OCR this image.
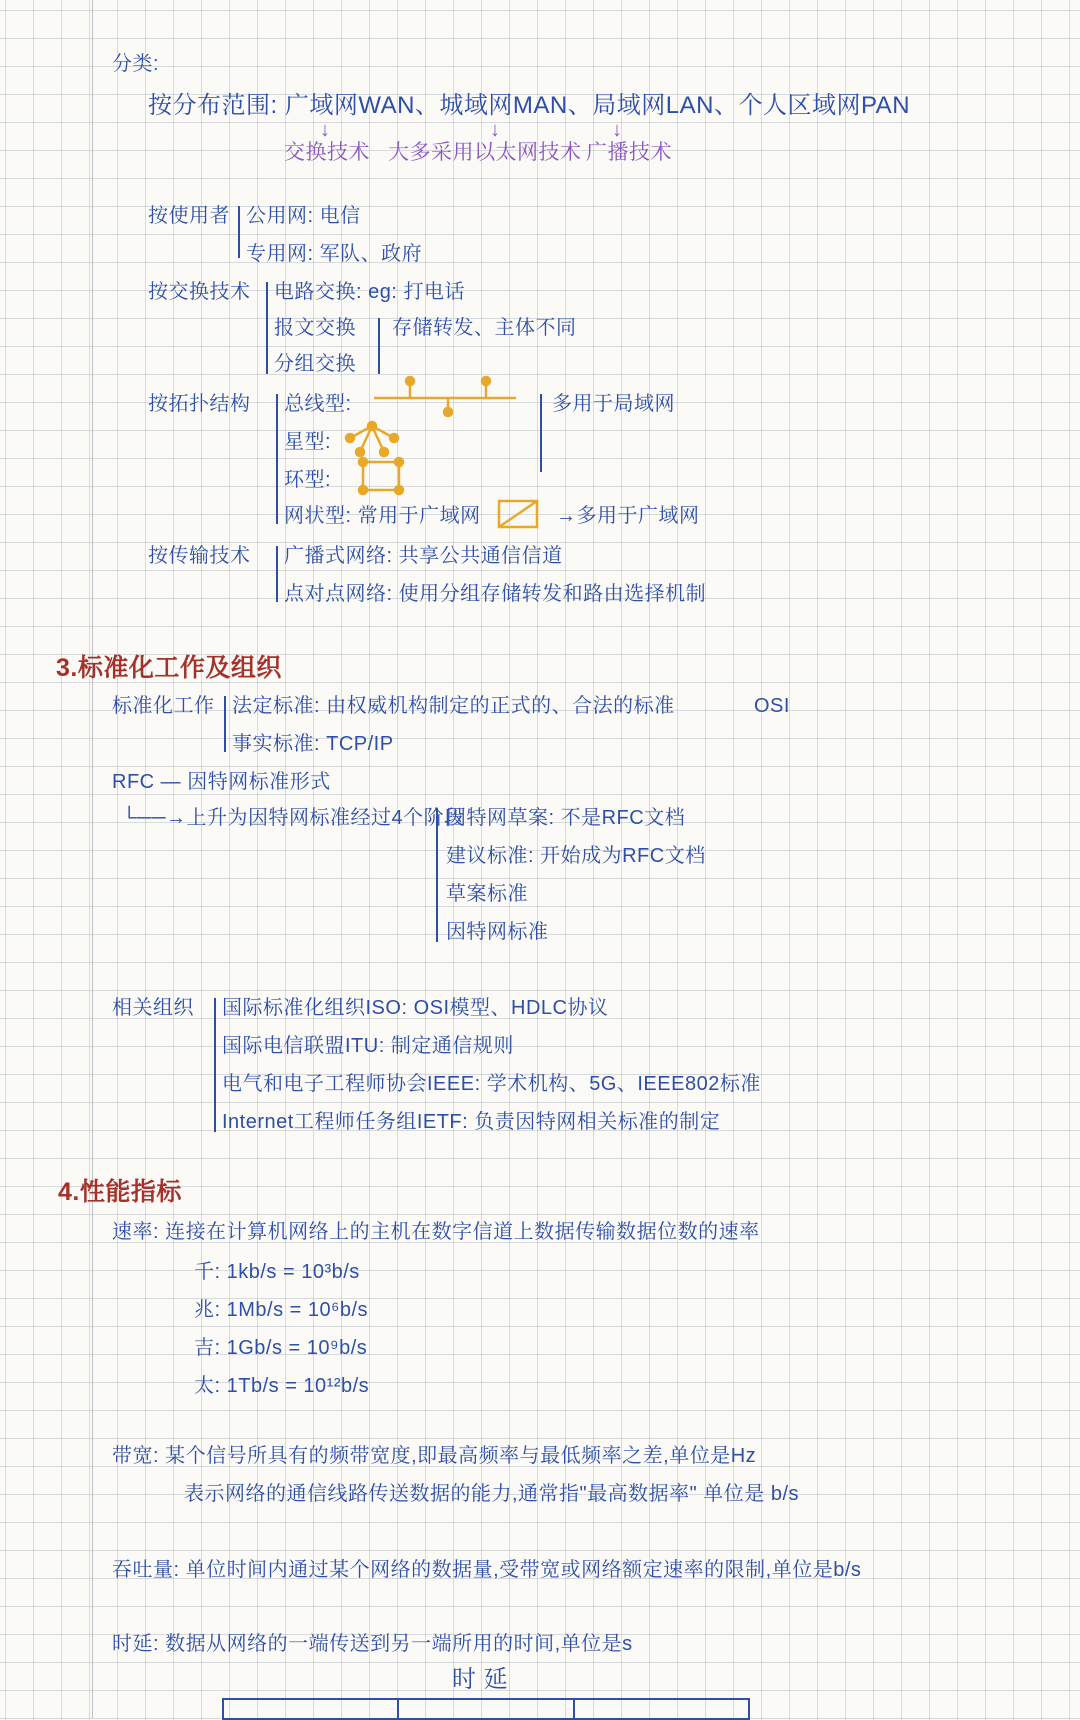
分类:
按分布范围: 广域网WAN、城域网MAN、局域网LAN、个人区域网PAN
↓	↓	↓
交换技术 大多采用以太网技术 广播技术
按使用者 公用网: 电信
专用网: 军队、政府
按交换技术 电路交换: eg: 打电话
报文交换
分组交换
存储转发、主体不同
按拓扑结构 总线型:
星型:
环型:
网状型: 常用于广域网
多用于局域网
→多用于广域网
按传输技术 广播式网络: 共享公共通信信道
点对点网络: 使用分组存储转发和路由选择机制
3.标准化工作及组织
标准化工作 法定标准: 由权威机构制定的正式的、合法的标准
事实标准: TCP/IP
OSI
RFC — 因特网标准形式
└──→上升为因特网标准经过4个阶段
因特网草案: 不是RFC文档
建议标准: 开始成为RFC文档
草案标准
因特网标准
相关组织 国际标准化组织ISO: OSI模型、HDLC协议
国际电信联盟ITU: 制定通信规则
电气和电子工程师协会IEEE: 学术机构、5G、IEEE802标准
Internet工程师任务组IETF: 负责因特网相关标准的制定
4.性能指标
速率: 连接在计算机网络上的主机在数字信道上数据传输数据位数的速率
千: 1kb/s = 10³b/s
兆: 1Mb/s = 10⁶b/s
吉: 1Gb/s = 10⁹b/s
太: 1Tb/s = 10¹²b/s
带宽: 某个信号所具有的频带宽度,即最高频率与最低频率之差,单位是Hz
表示网络的通信线路传送数据的能力,通常指"最高数据率" 单位是 b/s
吞吐量: 单位时间内通过某个网络的数据量,受带宽或网络额定速率的限制,单位是b/s
时延: 数据从网络的一端传送到另一端所用的时间,单位是s
时 延
